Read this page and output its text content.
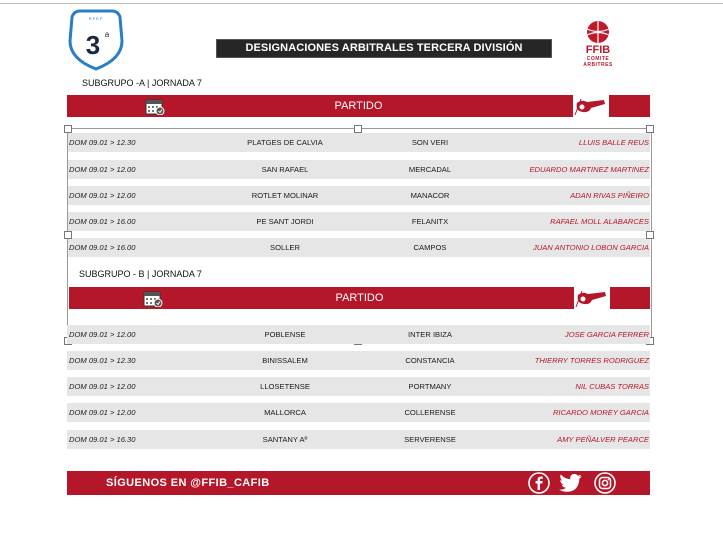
RFEF
3 a
DESIGNACIONES ARBITRALES TERCERA DIVISIÓN	FFIB
COMITE ARBITRES
SUBGRUPO -A | JORNADA 7
PARTIDO
DOM 09.01 > 12.30	PLATGES DE CALVIA	SON VERI	LLUIS BALLE REUS
DOM 09.01 > 12.00	SAN RAFAEL	MERCADAL	EDUARDO MARTINEZ MARTINEZ
DOM 09.01 > 12.00	ROTLET MOLINAR	MANACOR	ADAN RIVAS PIÑEIRO
DOM 09.01 > 16.00	PE SANT JORDI	FELANITX	RAFAEL MOLL ALABARCES
DOM 09.01 > 16.00	SOLLER	CAMPOS	JUAN ANTONIO LOBON GARCIA
SUBGRUPO - B | JORNADA 7
PARTIDO
DOM 09.01 > 12.00	POBLENSE	INTER IBIZA	JOSE GARCIA FERRER
DOM 09.01 > 12.30	BINISSALEM	CONSTANCIA	THIERRY TORRES RODRIGUEZ
DOM 09.01 > 12.00	LLOSETENSE	PORTMANY	NIL CUBAS TORRAS
DOM 09.01 > 12.00	MALLORCA	COLLERENSE	RICARDO MOREY GARCIA
DOM 09.01 > 16.30	SANTANY Aº	SERVERENSE	AMY PEÑALVER PEARCE
SÍGUENOS EN @FFIB_CAFIB
